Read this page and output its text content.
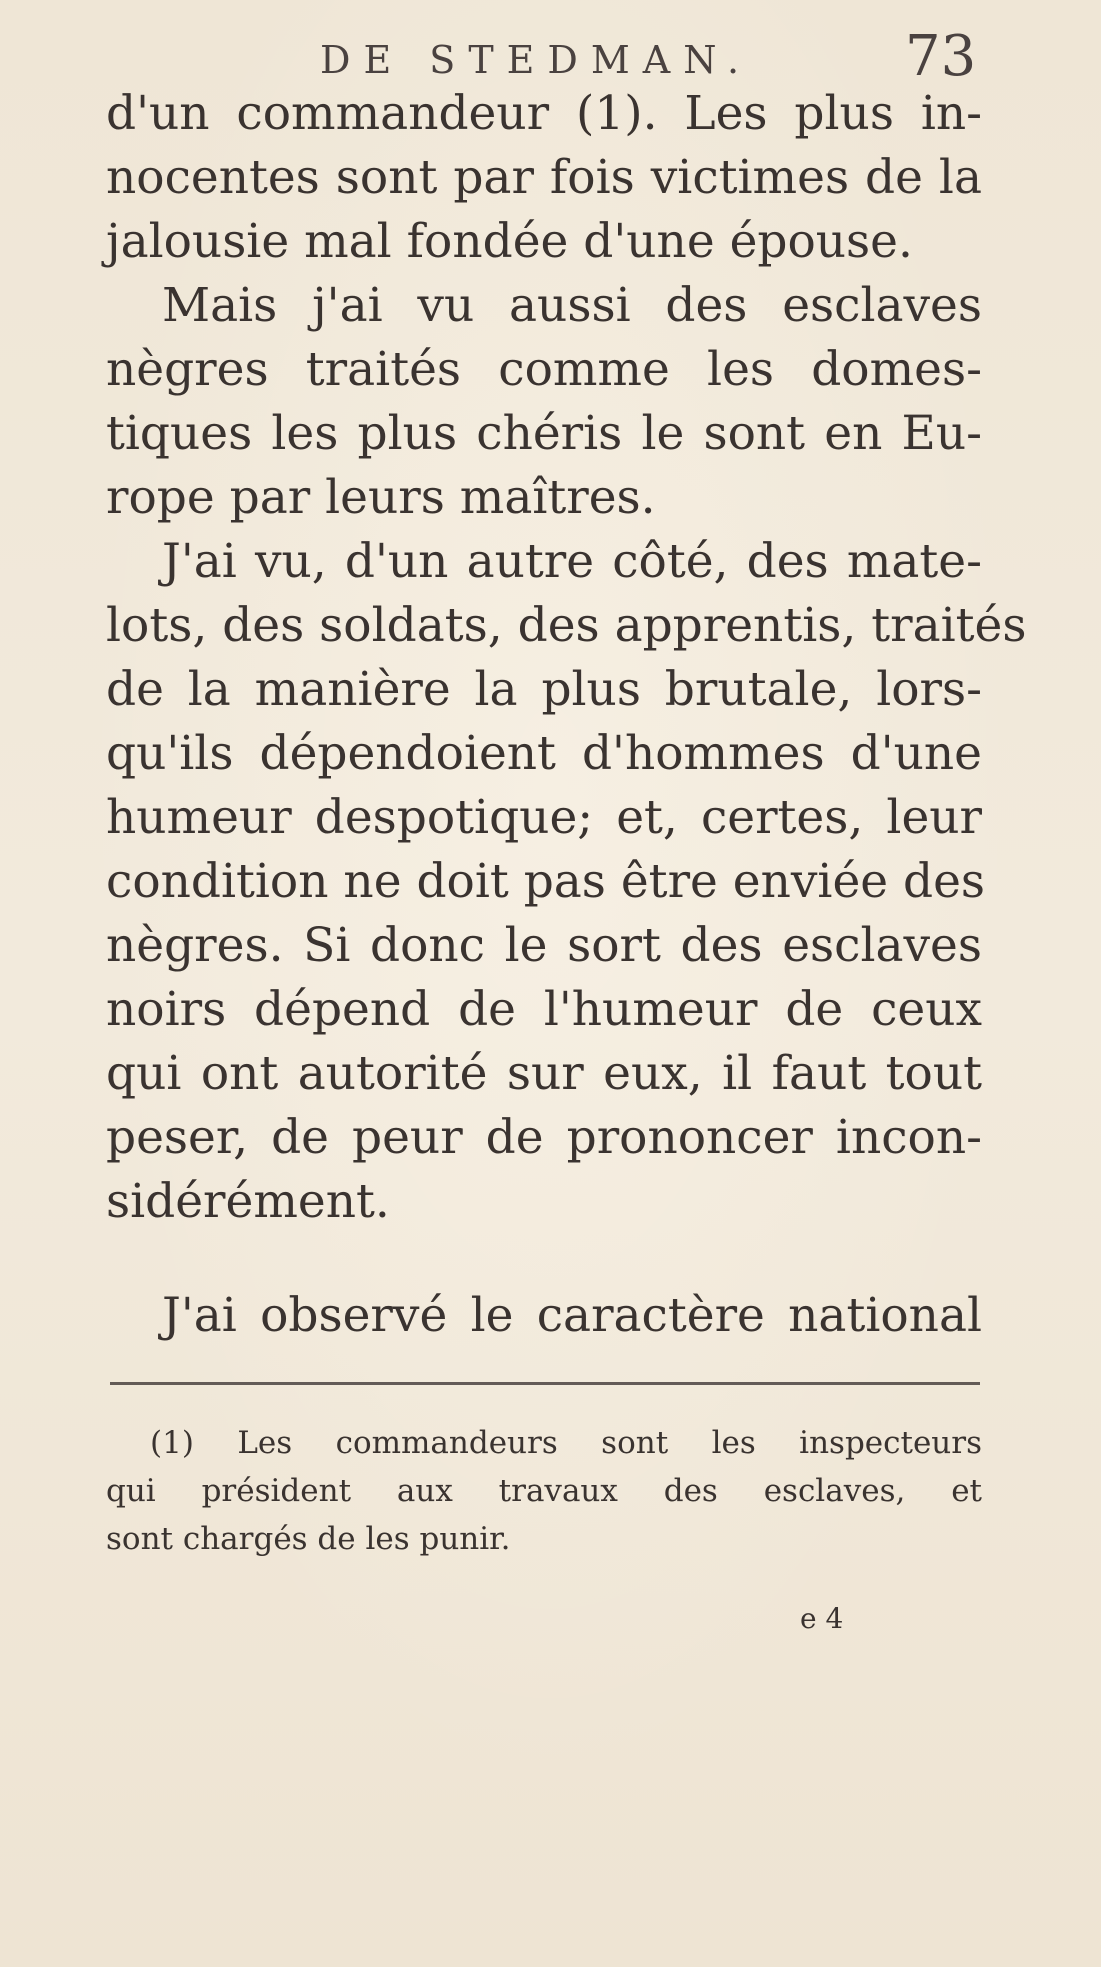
DE STEDMAN.	73
d'un commandeur (1). Les plus in-
nocentes sont par fois victimes de la
jalousie mal fondée d'une épouse.
Mais j'ai vu aussi des esclaves
nègres traités comme les domes-
tiques les plus chéris le sont en Eu-
rope par leurs maîtres.
J'ai vu, d'un autre côté, des mate-
lots, des soldats, des apprentis, traités
de la manière la plus brutale, lors-
qu'ils dépendoient d'hommes d'une
humeur despotique; et, certes, leur
condition ne doit pas être enviée des
nègres. Si donc le sort des esclaves
noirs dépend de l'humeur de ceux
qui ont autorité sur eux, il faut tout
peser, de peur de prononcer incon-
sidérément.
J'ai observé le caractère national
(1) Les commandeurs sont les inspecteurs
qui président aux travaux des esclaves, et
sont chargés de les punir.
e 4
